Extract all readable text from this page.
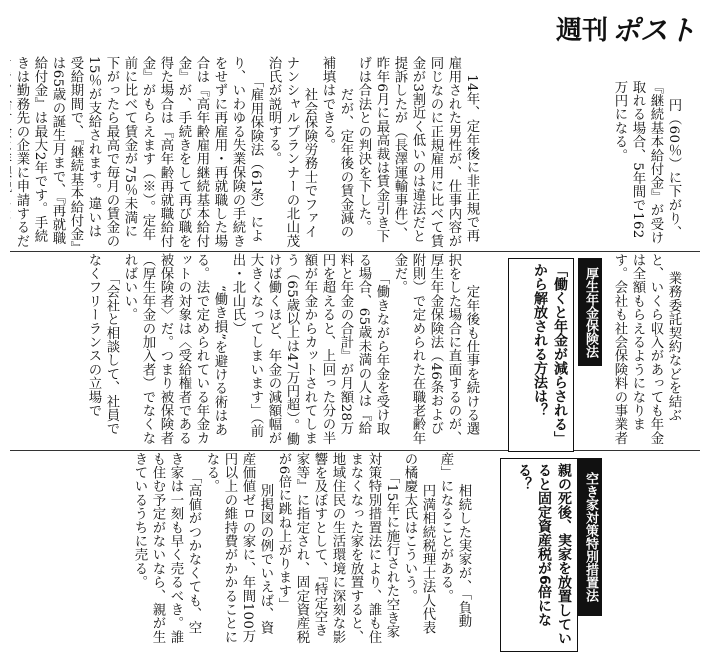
週刊 ポスト

14年、定年後に非正規で再雇用された男性が、仕事内容が同じなのに正規雇用に比べて賃金が3割近く低いのは違法だと提訴したが（長澤運輸事件）、昨年6月に最高裁は賃金引き下げは合法との判決を下した。
　だが、定年後の賃金減の補填はできる。
　社会保険労務士でファイナンシャルプランナーの北山茂治氏が説明する。
「雇用保険法（61条）により、いわゆる失業保険の手続きをせずに再雇用・再就職した場合は『高年齢雇用継続基本給付金』が、手続きをして再び職を得た場合は『高年齢再就職給付金』がもらえます（※）。定年前に比べて賃金が75％未満に下がったら最高で毎月の賃金の15％が支給されます。違いは受給期間で、『継続基本給付金』は65歳の誕生月まで、『再就職給付金』は最大2年です。手続きは勤務先の企業に申請するだ

円（60％）に下がり、『継続基本給付金』が受け取れる場合、5年間で162万円になる。

　定年後も仕事を続ける選択をした場合に直面するのが、厚生年金保険法（46条および附則）で定められた在職老齢年金だ。
「働きながら年金を受け取る場合、65歳未満の人は『給料と年金の合計』が月額28万円を超えると、上回った分の半額が年金からカットされてしまう（65歳以上は47万円超）。働けば働くほど、年金の減額幅が大きくなってしまいます」（前出・北山氏）
　“働き損”を避ける術はある。法で定められている年金カットの対象は〈受給権者である被保険者〉だ。つまり被保険者（厚生年金の加入者）でなくなればいい。
「会社と相談して、社員でなくフリーランスの立場で
	厚生年金保険法
「働くと年金が減らされる」から解放される方法は？	業務委託契約などを結ぶと、いくら収入があっても年金は全額もらえるようになります。会社も社会保険料の事業者

　相続した実家が、「負動産」になることがある。
　円満相続税理士法人代表の橘慶太氏はこういう。
「15年に施行された空き家対策特別措置法により、誰も住まなくなった家を放置すると、地域住民の生活環境に深刻な影響を及ぼすとして、『特定空き家等』に指定され、固定資産税が6倍に跳ね上がります」
　別掲図の例でいえば、資産価値ゼロの家に、年間100万円以上の維持費がかかることになる。
「高値がつかなくても、空き家は一刻も早く売るべき。誰も住む予定がないなら、親が生きているうちに売る。
	空き家対策特別措置法
親の死後、実家を放置していると固定資産税が6倍になる？
